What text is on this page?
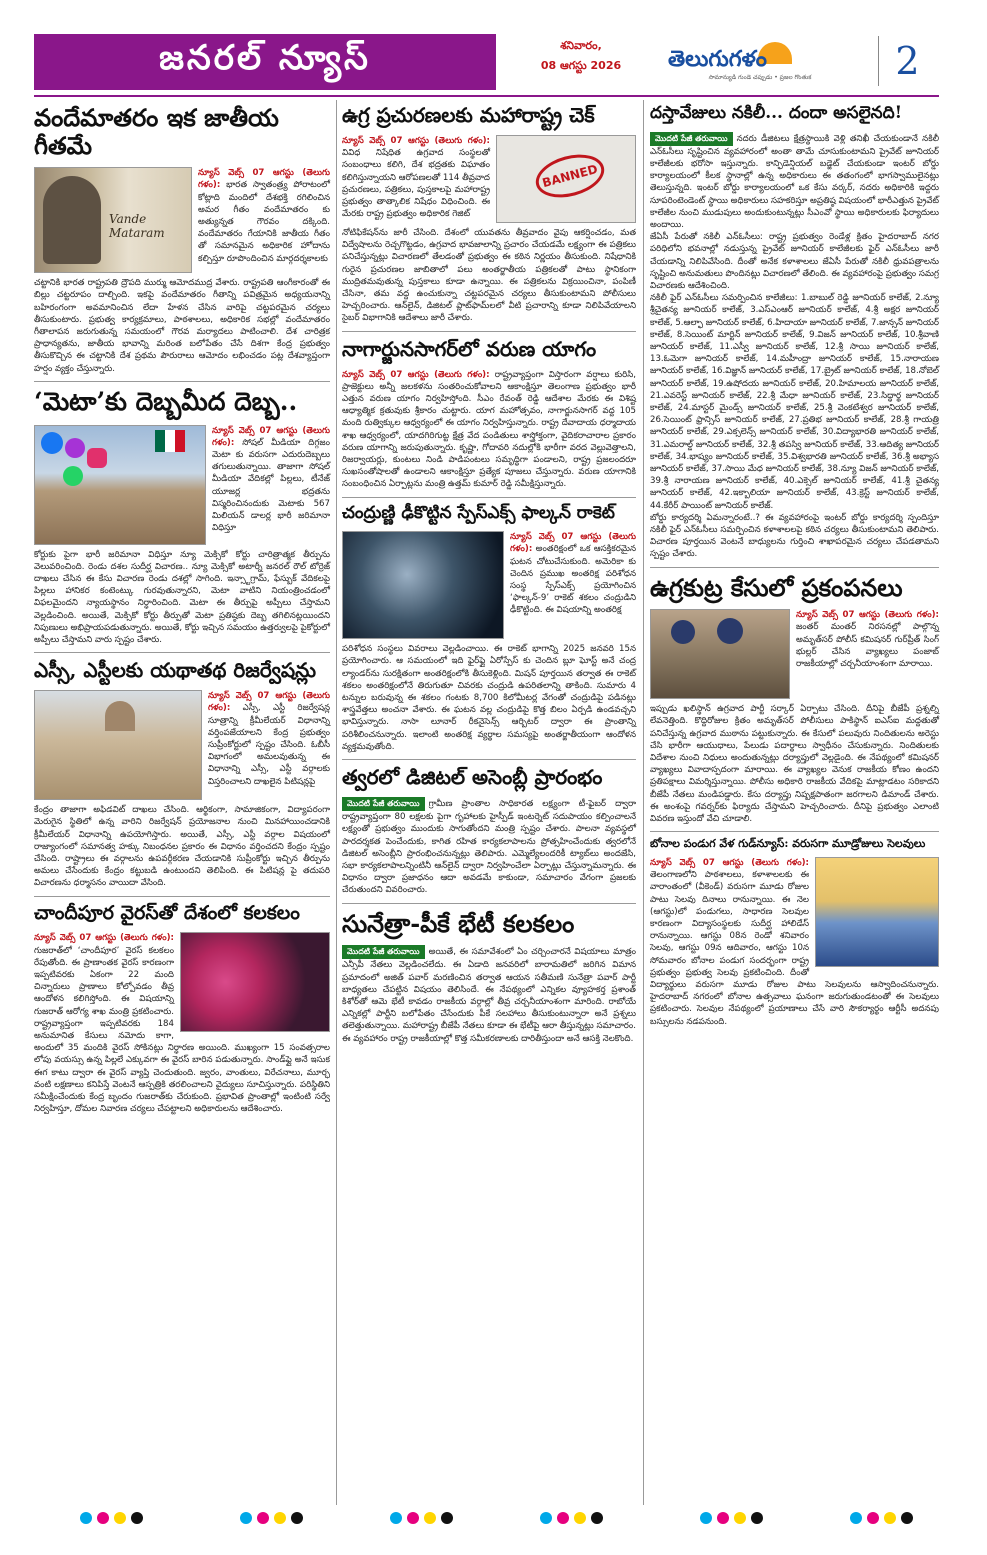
జనరల్ న్యూస్	శనివారం,
08 ఆగస్టు 2026	తెలుగుగళం
సామాన్యుడి గుండె చప్పుడు • ప్రజల గొంతుక	2
వందేమాతరం ఇక జాతీయ గీతమే
Vande Mataram
న్యూస్ వెబ్స్ 07 ఆగస్టు (తెలుగు గళం): భారత స్వాతంత్ర్య పోరాటంలో కోట్లాది మందిలో దేశభక్తి రగిలించిన అమర గీతం వందేమాతరం కు అత్యున్నత గౌరవం దక్కింది. వందేమాతరం గేయానికి జాతీయ గీతం తో సమానమైన అధికారిక హోదాను కల్పిస్తూ రూపొందించిన మార్గదర్శకాలకు
చట్టానికి భారత రాష్ట్రపతి ద్రౌపది ముర్ము ఆమోదముద్ర వేశారు. రాష్ట్రపతి ఆంగీకారంతో ఈ బిల్లు చట్టరూపం దాల్చింది. ఇకపై వందేమాతరం గీతాన్ని పవిత్రమైన అధ్యయనాన్ని బహిరంగంగా అవమానించిన లేదా హేళన చేసిన వారిపై చట్టపరమైన చర్యలు తీసుకుంటారు. ప్రభుత్వ కార్యక్రమాలు, పాఠశాలలు, అధికారిక సభల్లో వందేమాతరం గీతాలాపన జరుగుతున్న సమయంలో గౌరవ మర్యాదలు పాటించాలి. దేశ చారిత్రక ప్రాధాన్యతను, జాతీయ భావాన్ని మరింత బలోపేతం చేసే దిశగా కేంద్ర ప్రభుత్వం తీసుకొచ్చిన ఈ చట్టానికి దేశ ప్రథమ పౌరురాలు ఆమోదం లభించడం పట్ల దేశవ్యాప్తంగా హర్షం వ్యక్తం చేస్తున్నారు.
‘మెటా’కు దెబ్బమీద దెబ్బ..
న్యూస్ వెబ్స్ 07 ఆగస్టు (తెలుగు గళం): సోషల్ మీడియా దిగ్గజం మెటా కు వరుసగా ఎదురుదెబ్బలు తగులుతున్నాయి. తాజాగా సోషల్ మీడియా వేదికల్లో పిల్లలు, టీనేజ్ యూజర్ల భద్రతను విస్మరించినందుకు మెటాకు 567 మిలియన్ డాలర్ల భారీ జరిమానా విధిస్తూ
కోర్టుకు పైగా భారీ జరిమానా విధిస్తూ న్యూ మెక్సికో కోర్టు చారిత్రాత్మక తీర్పును వెలువరించింది. రెండు దశల సుదీర్ఘ విచారణ.. న్యూ మెక్సికో అటార్నీ జనరల్ రౌల్ టోర్రెజ్ దాఖలు చేసిన ఈ కేసు విచారణ రెండు దశల్లో సాగింది. ఇన్స్టాగ్రామ్, ఫేస్బుక్ వేదికలపై పిల్లలు హానికర కంటెంట్కు గురవుతున్నారని, మెటా వాటిని నియంత్రించడంలో విఫలమైందని న్యాయస్థానం నిర్ధారించింది. మెటా ఈ తీర్పుపై అప్పీలు చేస్తామని వెల్లడించింది. అయితే, మెక్సికో కోర్టు తీర్పుతో మెటా ప్రతిష్ఠకు దెబ్బ తగిలినట్లయిందని నిపుణులు అభిప్రాయపడుతున్నారు. అయితే, కోర్టు ఇచ్చిన సమయం ఉత్తర్వులపై పైకోర్టులో అప్పీలు చేస్తామని వారు స్పష్టం చేశారు.
ఎస్సీ, ఎస్టీలకు యథాతథ రిజర్వేషన్లు
న్యూస్ వెబ్స్ 07 ఆగస్టు (తెలుగు గళం): ఎస్సీ, ఎస్టీ రిజర్వేషన్ల సూత్రాన్ని క్రీమీలేయర్ విధానాన్ని వర్తింపజేయాలని కేంద్ర ప్రభుత్వం సుప్రీంకోర్టులో స్పష్టం చేసింది. ఓబీసీ విభాగంలో అమలవుతున్న ఈ విధానాన్ని ఎస్సీ, ఎస్టీ వర్గాలకు విస్తరించాలని దాఖలైన పిటిషన్లపై
కేంద్రం తాజాగా అఫిడవిట్ దాఖలు చేసింది. ఆర్థికంగా, సామాజికంగా, విద్యాపరంగా మెరుగైన స్థితిలో ఉన్న వారిని రిజర్వేషన్ ప్రయోజనాల నుంచి మినహాయించడానికి క్రీమీలేయర్ విధానాన్ని ఉపయోగిస్తారు. అయితే, ఎస్సీ, ఎస్టీ వర్గాల విషయంలో రాజ్యాంగంలో సమానత్వ హక్కు నిబంధనల ప్రకారం ఈ విధానం వర్తించదని కేంద్రం స్పష్టం చేసింది. రాష్ట్రాలు ఈ వర్గాలను ఉపవర్గీకరణ చేయడానికి సుప్రీంకోర్టు ఇచ్చిన తీర్పును అమలు చేసేందుకు కేంద్రం కట్టుబడి ఉంటుందని తెలిపింది. ఈ పిటిషన్ల పై తదుపరి విచారణను ధర్మాసనం వాయిదా వేసింది.
చాందీపూర వైరస్‌తో దేశంలో కలకలం
న్యూస్ వెబ్స్ 07 ఆగస్టు (తెలుగు గళం): గుజరాత్‌లో ‘చాందీపూర’ వైరస్ కలకలం రేపుతోంది. ఈ ప్రాణాంతక వైరస్ కారణంగా ఇప్పటివరకు ఏకంగా 22 మంది చిన్నారులు ప్రాణాలు కోల్పోవడం తీవ్ర ఆందోళన కలిగిస్తోంది. ఈ విషయాన్ని గుజరాత్ ఆరోగ్య శాఖ మంత్రి ప్రకటించారు. రాష్ట్రవ్యాప్తంగా ఇప్పటివరకు 184 అనుమానిత కేసులు నమోదు కాగా, అందులో 35 మందికి వైరస్ సోకినట్లు నిర్ధారణ అయింది. ముఖ్యంగా 15 సంవత్సరాల లోపు వయస్సు ఉన్న పిల్లలే ఎక్కువగా ఈ వైరస్ బారిన పడుతున్నారు. సాండ్‌ఫ్లై అనే ఇసుక ఈగ కాటు ద్వారా ఈ వైరస్ వ్యాప్తి చెందుతుంది. జ్వరం, వాంతులు, విరేచనాలు, మూర్ఛ వంటి లక్షణాలు కనిపిస్తే వెంటనే ఆస్పత్రికి తరలించాలని వైద్యులు సూచిస్తున్నారు. పరిస్థితిని సమీక్షించేందుకు కేంద్ర బృందం గుజరాత్‌కు చేరుకుంది. ప్రభావిత ప్రాంతాల్లో ఇంటింటి సర్వే నిర్వహిస్తూ, దోమల నివారణ చర్యలు చేపట్టాలని అధికారులను ఆదేశించారు.
ఉగ్ర ప్రచురణలకు మహారాష్ట్ర చెక్
BANNED
న్యూస్ వెబ్స్ 07 ఆగస్టు (తెలుగు గళం): వివిధ నిషేధిత ఉగ్రవాద సంస్థలతో సంబంధాలు కలిగి, దేశ భద్రతకు విఘాతం కలిగిస్తున్నాయని ఆరోపణలతో 114 తీవ్రవాద ప్రచురణలు, పత్రికలు, పుస్తకాలపై మహారాష్ట్ర ప్రభుత్వం తాత్కాలిక నిషేధం విధించింది. ఈ మేరకు రాష్ట్ర ప్రభుత్వం అధికారిక గెజిట్
నోటిఫికేషన్‌ను జారీ చేసింది. దేశంలో యువతను తీవ్రవాదం వైపు ఆకర్షించడం, మత విద్వేషాలను రెచ్చగొట్టడం, ఉగ్రవాద భావజాలాన్ని ప్రచారం చేయడమే లక్ష్యంగా ఈ పత్రికలు పనిచేస్తున్నట్లు విచారణలో తేలడంతో ప్రభుత్వం ఈ కఠిన నిర్ణయం తీసుకుంది. నిషేధానికి గురైన ప్రచురణల జాబితాలో పలు అంతర్జాతీయ పత్రికలతో పాటు స్థానికంగా ముద్రితమవుతున్న పుస్తకాలు కూడా ఉన్నాయి. ఈ పత్రికలను విక్రయించినా, పంపిణీ చేసినా, తమ వద్ద ఉంచుకున్నా చట్టపరమైన చర్యలు తీసుకుంటామని పోలీసులు హెచ్చరించారు. ఆన్‌లైన్, డిజిటల్ ప్లాట్‌ఫామ్‌లలో వీటి ప్రచారాన్ని కూడా నిలిపివేయాలని సైబర్ విభాగానికి ఆదేశాలు జారీ చేశారు.
నాగార్జునసాగర్‌లో వరుణ యాగం
న్యూస్ వెబ్స్ 07 ఆగస్టు (తెలుగు గళం): రాష్ట్రవ్యాప్తంగా విస్తారంగా వర్షాలు కురిసి, ప్రాజెక్టులు అన్నీ జలకళను సంతరించుకోవాలని ఆకాంక్షిస్తూ తెలంగాణ ప్రభుత్వం భారీ ఎత్తున వరుణ యాగం నిర్వహిస్తోంది. సీఎం రేవంత్ రెడ్డి ఆదేశాల మేరకు ఈ విశిష్ట ఆధ్యాత్మిక క్రతువుకు శ్రీకారం చుట్టారు. యాగ మహోత్సవం, నాగార్జునసాగర్ వద్ద 105 మంది రుత్విక్కుల ఆధ్వర్యంలో ఈ యాగం నిర్వహిస్తున్నారు. రాష్ట్ర దేవాదాయ ధర్మాదాయ శాఖ ఆధ్వర్యంలో, యాదగిరిగుట్ట క్షేత్ర వేద పండితులు శాస్త్రోక్తంగా, వైదికరాచారాల ప్రకారం వరుణ యాగాన్ని జరుపుతున్నారు. కృష్ణా, గోదావరి నదుల్లోకి భారీగా వరద వెల్లువెత్తాలని, రిజర్వాయర్లు, కుంటలు నిండి పాడిపంటలు సమృద్ధిగా పండాలని, రాష్ట్ర ప్రజలందరూ సుఖసంతోషాలతో ఉండాలని ఆకాంక్షిస్తూ ప్రత్యేక పూజలు చేస్తున్నారు. వరుణ యాగానికి సంబంధించిన ఏర్పాట్లను మంత్రి ఉత్తమ్ కుమార్ రెడ్డి సమీక్షిస్తున్నారు.
చంద్రుణ్ణి ఢీకొట్టిన స్పేస్‌ఎక్స్ ఫాల్కన్ రాకెట్
న్యూస్ వెబ్స్ 07 ఆగస్టు (తెలుగు గళం): అంతరిక్షంలో ఒక ఆసక్తికరమైన ఘటన చోటుచేసుకుంది. అమెరికా కు చెందిన ప్రముఖ అంతరిక్ష పరిశోధన సంస్థ స్పేస్‌ఎక్స్ ప్రయోగించిన ‘ఫాల్కన్-9’ రాకెట్ శకలం చంద్రుడిని ఢీకొట్టింది. ఈ విషయాన్ని అంతరిక్ష
పరిశోధన సంస్థలు వివరాలు వెల్లడించాయి. ఈ రాకెట్ భాగాన్ని 2025 జనవరి 15న ప్రయోగించారు. ఆ సమయంలో ఇది ఫైర్‌ఫ్లై ఏరోస్పేస్ కు చెందిన బ్లూ ఘోస్ట్ అనే చంద్ర ల్యాండర్‌ను సురక్షితంగా అంతరిక్షంలోకి తీసుకెళ్లింది. మిషన్ పూర్తయిన తర్వాత ఈ రాకెట్ శకలం అంతరిక్షంలోనే తిరుగుతూ చివరకు చంద్రుడి ఉపరితలాన్ని తాకింది. సుమారు 4 టన్నుల బరువున్న ఈ శకలం గంటకు 8,700 కిలోమీటర్ల వేగంతో చంద్రుడిపై పడినట్లు శాస్త్రవేత్తలు అంచనా వేశారు. ఈ ఘటన వల్ల చంద్రుడిపై కొత్త బిలం ఏర్పడి ఉండవచ్చని భావిస్తున్నారు. నాసా లూనార్ రీకనైసెన్స్ ఆర్బిటర్ ద్వారా ఈ ప్రాంతాన్ని పరిశీలించనున్నారు. ఇలాంటి అంతరిక్ష వ్యర్థాల సమస్యపై అంతర్జాతీయంగా ఆందోళన వ్యక్తమవుతోంది.
త్వరలో డిజిటల్ అసెంబ్లీ ప్రారంభం
మొదటి పేజీ తరువాయి గ్రామీణ ప్రాంతాల సాధికారత లక్ష్యంగా టీ-ఫైబర్ ద్వారా రాష్ట్రవ్యాప్తంగా 80 లక్షలకు పైగా గృహాలకు హైస్పీడ్ ఇంటర్నెట్ సదుపాయం కల్పించాలనే లక్ష్యంతో ప్రభుత్వం ముందుకు సాగుతోందని మంత్రి స్పష్టం చేశారు. పాలనా వ్యవస్థలో పారదర్శకత పెంచేందుకు, కాగిత రహిత కార్యకలాపాలను ప్రోత్సహించేందుకు త్వరలోనే డిజిటల్ అసెంబ్లీని ప్రారంభించనున్నట్లు తెలిపారు. ఎమ్మెల్యేలందరికీ ట్యాబ్‌లు అందజేసి, సభా కార్యకలాపాలన్నింటినీ ఆన్‌లైన్ ద్వారా నిర్వహించేలా ఏర్పాట్లు చేస్తున్నామన్నారు. ఈ విధానం ద్వారా ప్రజాధనం ఆదా అవడమే కాకుండా, సమాచారం వేగంగా ప్రజలకు చేరుతుందని వివరించారు.
సునేత్రా-పీకే భేటీ కలకలం
మొదటి పేజీ తరువాయి అయితే, ఈ సమావేశంలో ఏం చర్చించారనే విషయాలు మాత్రం ఎన్సీపీ నేతలు వెల్లడించలేదు. ఈ ఏడాది జనవరిలో బారామతిలో జరిగిన విమాన ప్రమాదంలో అజిత్ పవార్ మరణించిన తర్వాత ఆయన సతీమణి సునేత్రా పవార్ పార్టీ బాధ్యతలు చేపట్టిన విషయం తెలిసిందే. ఈ నేపథ్యంలో ఎన్నికల వ్యూహకర్త ప్రశాంత్ కిశోర్‌తో ఆమె భేటీ కావడం రాజకీయ వర్గాల్లో తీవ్ర చర్చనీయాంశంగా మారింది. రాబోయే ఎన్నికల్లో పార్టీని బలోపేతం చేసేందుకు పీకే సలహాలు తీసుకుంటున్నారా అనే ప్రశ్నలు తలెత్తుతున్నాయి. మహారాష్ట్ర బీజేపీ నేతలు కూడా ఈ భేటీపై ఆరా తీస్తున్నట్లు సమాచారం. ఈ వ్యవహారం రాష్ట్ర రాజకీయాల్లో కొత్త సమీకరణాలకు దారితీస్తుందా అనే ఆసక్తి నెలకొంది.
దస్తావేజులు నకిలీ... దందా అసలైనది!
మొదటి పేజీ తరువాయి నదరు డీజిటలు క్షేత్రస్థాయికి వెళ్లి తనిఖీ చేయకుండానే నకిలీ ఎన్ఓసీలు సృష్టించిన వ్యవహారంలో అంతా తామే చూసుకుంటామని ప్రైవేట్ జూనియర్ కాలేజీలకు భరోసా ఇస్తున్నారు. కాన్ఫిడెన్షియల్ బడ్జెట్ చేయకుండా ఇంటర్ బోర్డు కార్యాలయంలో కీలక స్థానాల్లో ఉన్న అధికారులు ఈ తతంగంలో భాగస్వాములైనట్లు తెలుస్తున్నది. ఇంటర్ బోర్డు కార్యాలయంలో ఒక కేసు వర్కర్, నదరు అధికారికి ఇద్దరు సూపరింటెండెంట్ స్థాయి అధికారులు సహకరిస్తూ అప్రతిష్ఠ విషయంలో భారీఎత్తున ప్రైవేట్ కాలేజీల నుంచి ముడుపులు అందుకుంటున్నట్లు సీఎంవో స్థాయి అధికారులకు ఫిర్యాదులు అందాయి.
జేఏసీ పేరుతో నకిలీ ఎన్ఓసీలు: రాష్ట్ర ప్రభుత్వం రెండేళ్ల క్రితం హైదరాబాద్ నగర పరిధిలోని భవనాల్లో నడుస్తున్న ప్రైవేట్ జూనియర్ కాలేజీలకు ఫైర్ ఎన్ఓసీలు జారీ చేయడాన్ని నిలిపివేసింది. దీంతో అనేక కళాశాలలు జేఏసీ పేరుతో నకిలీ ధ్రువపత్రాలను సృష్టించి అనుమతులు పొందినట్లు విచారణలో తేలింది. ఈ వ్యవహారంపై ప్రభుత్వం సమగ్ర విచారణకు ఆదేశించింది.
నకిలీ ఫైర్ ఎన్ఓసీలు సమర్పించిన కాలేజీలు: 1.బాబుల్ రెడ్డి జూనియర్ కాలేజ్, 2.న్యూ శ్రీచైతన్య జూనియర్ కాలేజ్, 3.ఎస్‌ఎంఆర్ జూనియర్ కాలేజ్, 4.శ్రీ అక్షర జూనియర్ కాలేజ్, 5.ఆల్ఫా జూనియర్ కాలేజ్, 6.హిదాయా జూనియర్ కాలేజ్, 7.జాన్సన్ జూనియర్ కాలేజ్, 8.సెయింట్ మార్టిన్ జూనియర్ కాలేజ్, 9.విజన్ జూనియర్ కాలేజ్, 10.శ్రీవాణి జూనియర్ కాలేజ్, 11.ఎస్వీ జూనియర్ కాలేజ్, 12.శ్రీ సాయి జూనియర్ కాలేజ్, 13.ఓమెగా జూనియర్ కాలేజ్, 14.మహీంద్రా జూనియర్ కాలేజ్, 15.నారాయణ జూనియర్ కాలేజ్, 16.విజ్ఞాన్ జూనియర్ కాలేజ్, 17.బ్రైట్ జూనియర్ కాలేజ్, 18.నోబెల్ జూనియర్ కాలేజ్, 19.ఉషోదయ జూనియర్ కాలేజ్, 20.హిమాలయ జూనియర్ కాలేజ్, 21.ఎవరెస్ట్ జూనియర్ కాలేజ్, 22.శ్రీ మేధా జూనియర్ కాలేజ్, 23.సిద్ధార్థ జూనియర్ కాలేజ్, 24.మాస్టర్ మైండ్స్ జూనియర్ కాలేజ్, 25.శ్రీ వెంకటేశ్వర జూనియర్ కాలేజ్, 26.సెయింట్ ఫ్రాన్సిస్ జూనియర్ కాలేజ్, 27.ప్రతిభ జూనియర్ కాలేజ్, 28.శ్రీ గాయత్రి జూనియర్ కాలేజ్, 29.ఎక్సలెన్స్ జూనియర్ కాలేజ్, 30.విద్యాభారతి జూనియర్ కాలేజ్, 31.ఎమరాల్డ్ జూనియర్ కాలేజ్, 32.శ్రీ తపస్వి జూనియర్ కాలేజ్, 33.ఆదిత్య జూనియర్ కాలేజ్, 34.భాష్యం జూనియర్ కాలేజ్, 35.విశ్వభారతి జూనియర్ కాలేజ్, 36.శ్రీ అభ్యాస జూనియర్ కాలేజ్, 37.సాయి మేధ జూనియర్ కాలేజ్, 38.న్యూ విజన్ జూనియర్ కాలేజ్, 39.శ్రీ నారాయణ జూనియర్ కాలేజ్, 40.ఎక్సెల్ జూనియర్ కాలేజ్, 41.శ్రీ చైతన్య జూనియర్ కాలేజ్, 42.ఇక్బాలియా జూనియర్ కాలేజ్, 43.క్రెస్ట్ జూనియర్ కాలేజ్, 44.కేరీర్ పాయింట్ జూనియర్ కాలేజ్.
బోర్డు కార్యదర్శి ఏమన్నారంటే..? ఈ వ్యవహారంపై ఇంటర్ బోర్డు కార్యదర్శి స్పందిస్తూ నకిలీ ఫైర్ ఎన్ఓసీలు సమర్పించిన కళాశాలలపై కఠిన చర్యలు తీసుకుంటామని తెలిపారు. విచారణ పూర్తయిన వెంటనే బాధ్యులను గుర్తించి శాఖాపరమైన చర్యలు చేపడతామని స్పష్టం చేశారు.
ఉగ్రకుట్ర కేసులో ప్రకంపనలు
న్యూస్ వెబ్స్ 07 ఆగస్టు (తెలుగు గళం): జంతర్ మంతర్ నిరసనల్లో పాల్గొన్న అమృత్‌సర్ పోలీస్ కమిషనర్ గుర్‌ప్రీత్ సింగ్ భుల్లర్ చేసిన వ్యాఖ్యలు పంజాబ్ రాజకీయాల్లో చర్చనీయాంశంగా మారాయి.
ఇప్పుడు ఖలిస్థాన్ ఉగ్రవాద పార్టీ సర్కార్ ఏర్పాటు చేసింది. దీనిపై బీజేపీ ప్రశ్నల్ని లేవనెత్తింది. కొద్దిరోజుల క్రితం అమృత్‌సర్ పోలీసులు పాకిస్థాన్ ఐఎస్‌ఐ మద్దతుతో పనిచేస్తున్న ఉగ్రవాద ముఠాను పట్టుకున్నారు. ఈ కేసులో పలువురు నిందితులను అరెస్టు చేసి భారీగా ఆయుధాలు, పేలుడు పదార్థాలు స్వాధీనం చేసుకున్నారు. నిందితులకు విదేశాల నుంచి నిధులు అందుతున్నట్లు దర్యాప్తులో వెల్లడైంది. ఈ నేపథ్యంలో కమిషనర్ వ్యాఖ్యలు వివాదాస్పదంగా మారాయి. ఈ వ్యాఖ్యల వెనుక రాజకీయ కోణం ఉందని ప్రతిపక్షాలు విమర్శిస్తున్నాయి. పోలీసు అధికారి రాజకీయ వేదికపై మాట్లాడటం సరికాదని బీజేపీ నేతలు మండిపడ్డారు. కేసు దర్యాప్తు నిష్పక్షపాతంగా జరగాలని డిమాండ్ చేశారు. ఈ అంశంపై గవర్నర్‌కు ఫిర్యాదు చేస్తామని హెచ్చరించారు. దీనిపై ప్రభుత్వం ఎలాంటి వివరణ ఇస్తుందో వేచి చూడాలి.
బోనాల పండుగ వేళ గుడ్‌న్యూస్: వరుసగా మూడ్రోజులు సెలవులు
న్యూస్ వెబ్స్ 07 ఆగస్టు (తెలుగు గళం): తెలంగాణలోని పాఠశాలలు, కళాశాలలకు ఈ వారాంతంలో (వీకెండ్) వరుసగా మూడు రోజుల పాటు సెలవు దినాలు రానున్నాయి. ఈ నెల (ఆగస్టు)లో పండుగలు, సాధారణ సెలవుల కారణంగా విద్యాసంస్థలకు సుదీర్ఘ హాలిడేస్ రానున్నాయి. ఆగస్టు 08న రెండో శనివారం సెలవు, ఆగస్టు 09న ఆదివారం, ఆగస్టు 10న సోమవారం బోనాల పండుగ సందర్భంగా రాష్ట్ర ప్రభుత్వం ప్రభుత్వ సెలవు ప్రకటించింది. దీంతో విద్యార్థులు వరుసగా మూడు రోజుల పాటు సెలవులను ఆస్వాదించనున్నారు. హైదరాబాద్ నగరంలో బోనాల ఉత్సవాలు ఘనంగా జరుగుతుండటంతో ఈ సెలవులు ప్రకటించారు. సెలవుల నేపథ్యంలో ప్రయాణాలు చేసే వారి సౌకర్యార్థం ఆర్టీసీ అదనపు బస్సులను నడపనుంది.
